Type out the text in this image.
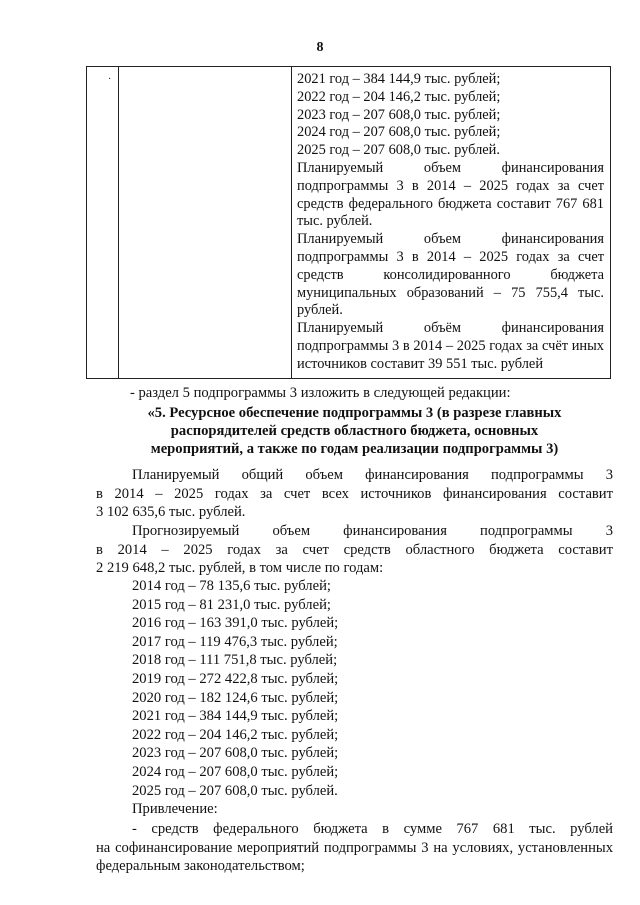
8
·		2021 год – 384 144,9 тыс. рублей;
2022 год – 204 146,2 тыс. рублей;
2023 год – 207 608,0 тыс. рублей;
2024 год – 207 608,0 тыс. рублей;
2025 год – 207 608,0 тыс. рублей.
Планируемый объем финансирования подпрограммы 3 в 2014 – 2025 годах за счет средств федерального бюджета составит 767 681 тыс. рублей.
Планируемый объем финансирования подпрограммы 3 в 2014 – 2025 годах за счет средств консолидированного бюджета муниципальных образований – 75 755,4 тыс. рублей.
Планируемый объём финансирования подпрограммы 3 в 2014 – 2025 годах за счёт иных источников составит 39 551 тыс. рублей
- раздел 5 подпрограммы 3 изложить в следующей редакции:
«5. Ресурсное обеспечение подпрограммы 3 (в разрезе главных
распорядителей средств областного бюджета, основных
мероприятий, а также по годам реализации подпрограммы 3)
Планируемый общий объем финансирования подпрограммы 3
в 2014 – 2025 годах за счет всех источников финансирования составит
3 102 635,6 тыс. рублей.
Прогнозируемый объем финансирования подпрограммы 3
в 2014 – 2025 годах за счет средств областного бюджета составит
2 219 648,2 тыс. рублей, в том числе по годам:
2014 год – 78 135,6 тыс. рублей;
2015 год – 81 231,0 тыс. рублей;
2016 год – 163 391,0 тыс. рублей;
2017 год – 119 476,3 тыс. рублей;
2018 год – 111 751,8 тыс. рублей;
2019 год – 272 422,8 тыс. рублей;
2020 год – 182 124,6 тыс. рублей;
2021 год – 384 144,9 тыс. рублей;
2022 год – 204 146,2 тыс. рублей;
2023 год – 207 608,0 тыс. рублей;
2024 год – 207 608,0 тыс. рублей;
2025 год – 207 608,0 тыс. рублей.
Привлечение:
- средств федерального бюджета в сумме 767 681 тыс. рублей
на софинансирование мероприятий подпрограммы 3 на условиях, установленных
федеральным законодательством;
